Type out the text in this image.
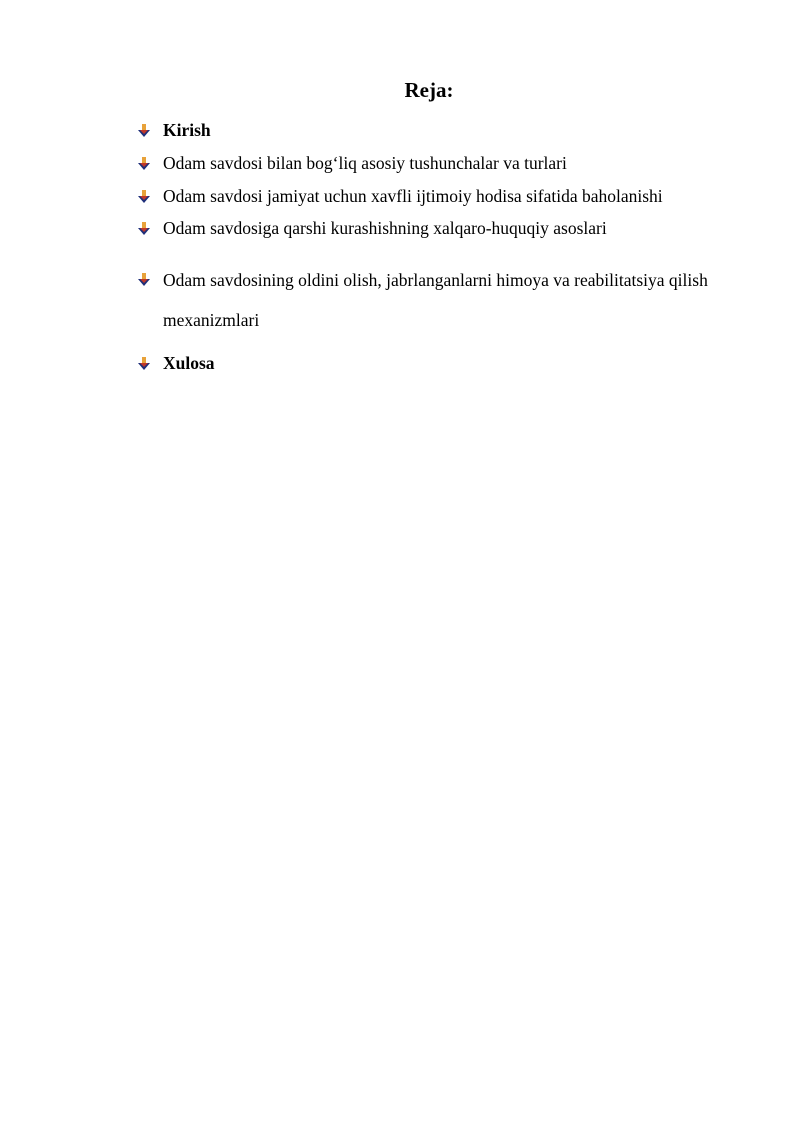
Reja:
Kirish
Odam savdosi bilan bog‘liq asosiy tushunchalar va turlari
Odam savdosi jamiyat uchun xavfli ijtimoiy hodisa sifatida baholanishi
Odam savdosiga qarshi kurashishning xalqaro-huquqiy asoslari
Odam savdosining oldini olish, jabrlanganlarni himoya va reabilitatsiya qilish mexanizmlari
Xulosa
